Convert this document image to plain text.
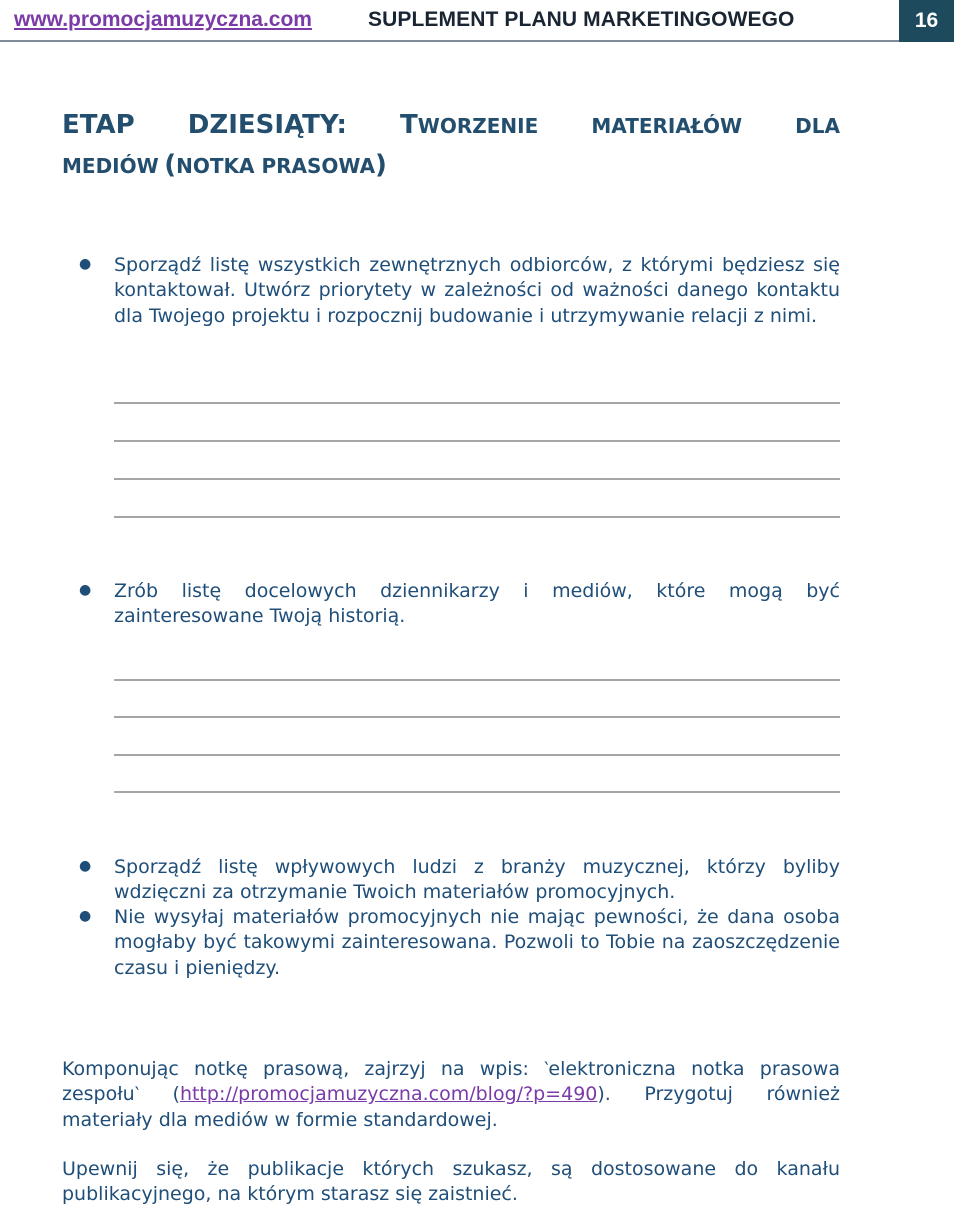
www.promocjamuzyczna.com	SUPLEMENT PLANU MARKETINGOWEGO	16
ETAP DZIESIĄTY: TWORZENIE	MATERIAŁÓW	DLA
MEDIÓW (NOTKA PRASOWA)
● Sporządź listę wszystkich zewnętrznych odbiorców, z którymi będziesz się kontaktował. Utwórz priorytety w zależności od ważności danego kontaktu dla Twojego projektu i rozpocznij budowanie i utrzymywanie relacji z nimi.

● Zrób listę docelowych dziennikarzy i mediów, które mogą być zainteresowane Twoją historią.

● Sporządź listę wpływowych ludzi z branży muzycznej, którzy byliby wdzięczni za otrzymanie Twoich materiałów promocyjnych.

● Nie wysyłaj materiałów promocyjnych nie mając pewności, że dana osoba mogłaby być takowymi zainteresowana. Pozwoli to Tobie na zaoszczędzenie czasu i pieniędzy.

Komponując notkę prasową, zajrzyj na wpis: ‵elektroniczna notka prasowa zespołu‵ (http://promocjamuzyczna.com/blog/?p=490). Przygotuj również materiały dla mediów w formie standardowej.

Upewnij się, że publikacje których szukasz, są dostosowane do kanału publikacyjnego, na którym starasz się zaistnieć.
